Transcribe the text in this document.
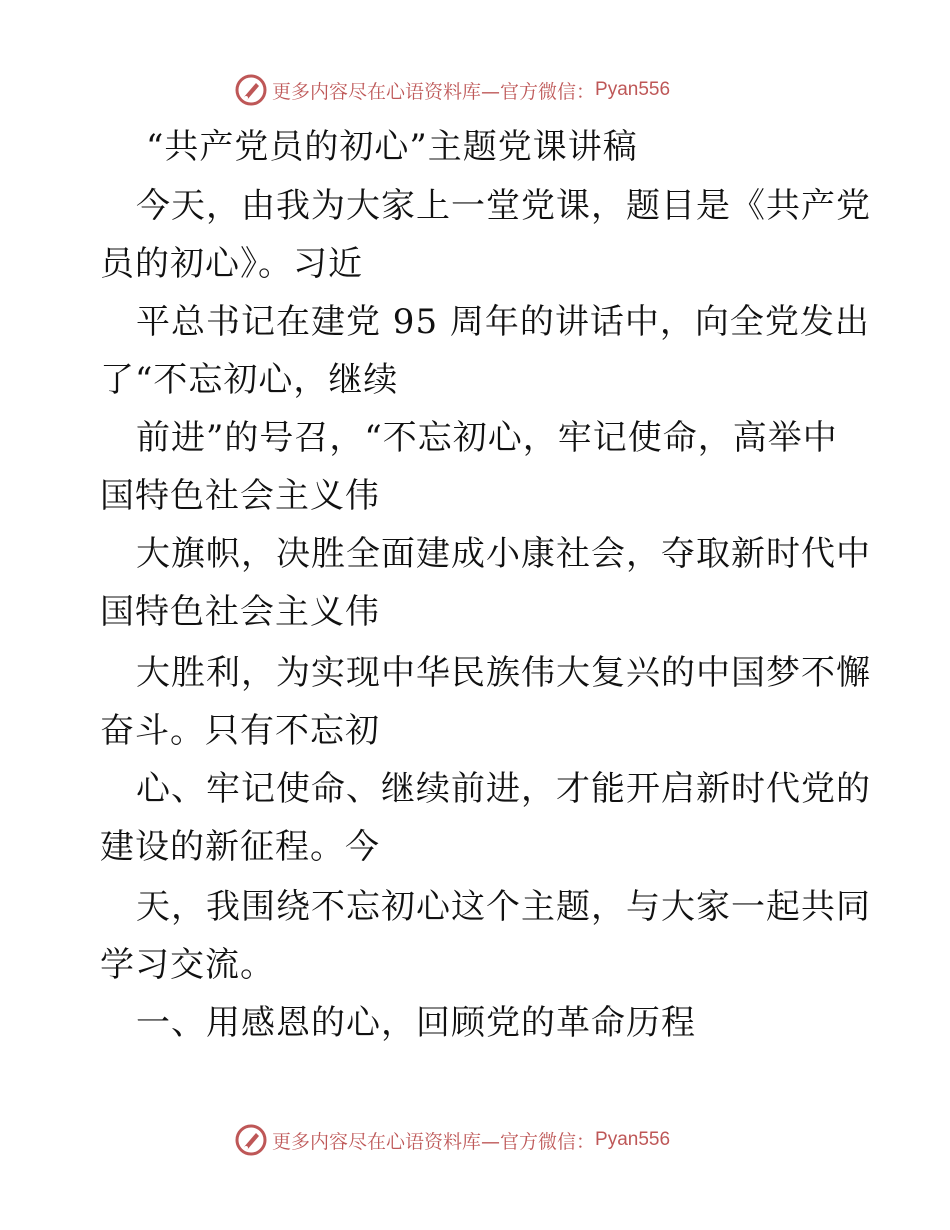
更多内容尽在心语资料库—官方微信： Pyan556
“共产党员的初心”主题党课讲稿
今天，由我为大家上一堂党课，题目是《共产党
员的初心》。习近
平总书记在建党 95 周年的讲话中，向全党发出
了“不忘初心，继续
前进”的号召，“不忘初心，牢记使命，高举中
国特色社会主义伟
大旗帜，决胜全面建成小康社会，夺取新时代中
国特色社会主义伟
大胜利，为实现中华民族伟大复兴的中国梦不懈
奋斗。只有不忘初
心、牢记使命、继续前进，才能开启新时代党的
建设的新征程。今
天，我围绕不忘初心这个主题，与大家一起共同
学习交流。
一、用感恩的心，回顾党的革命历程
更多内容尽在心语资料库—官方微信： Pyan556
